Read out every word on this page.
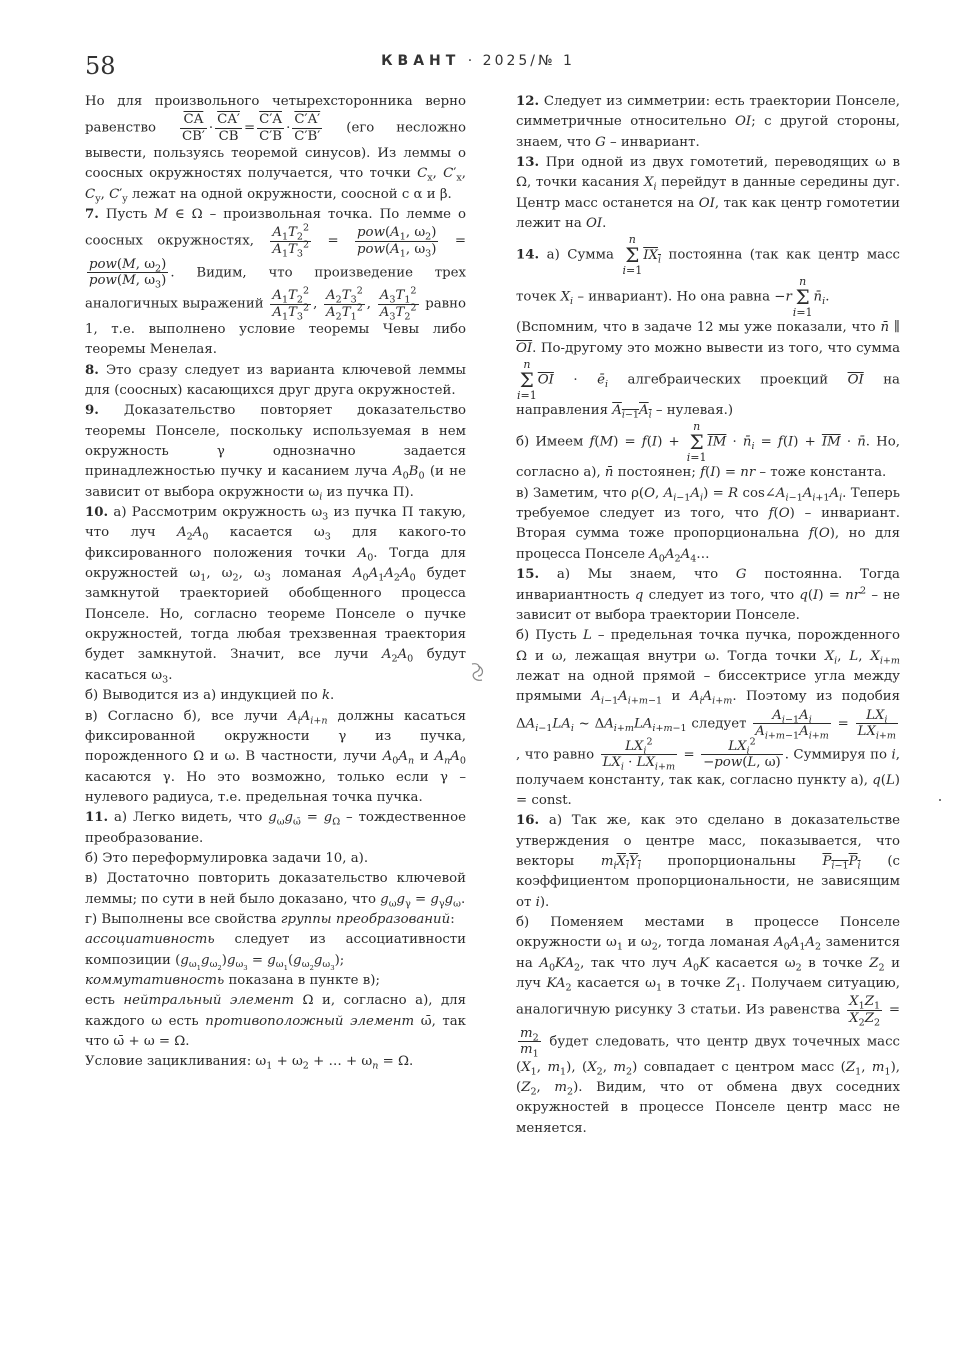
58	КВАНТ · 2025/№ 1

Но для произвольного четырехсторонника верно равенство $\frac{\overline{CA}}{CB'} \cdot \frac{CA'}{CB} = \frac{C'A}{C'B} \cdot \frac{C'A'}{C'B'} (его$ несложно вывести, пользуясь теоремой синусов). Из леммы о соосных окружностях получается, что точки $C_x$, $C'_x$, $C_y$, $C'_y$ лежат на одной окружности, соосной с α и β.

7. Пусть M ∈ Ω – произвольная точка. По лемме о соосных окружностях, $\frac{A_1T_2^2}{A_1T_3^2}$ =
$pow(A_1$, $\omega_2$)
$pow(A_1$, $\omega_3$)
=
pow(M, $\omega_2$)
pow(M, $\omega_3$)
. Видим, что произведение трех аналогичных выражений $\frac{A_1T_2^2}{A_1T_3^2}$ , $\frac{A_2T_3^2}{A_2T_1^2}$ , $\frac{A_3T_1^2}{A_3T_2^2}$ равно 1, т.е. выполнено условие теоремы Чевы либо теоремы Менелая.

8. Это сразу следует из варианта ключевой леммы для (соосных) касающихся друг друга окружностей.

9. Доказательство повторяет доказательство теоремы Понселе, поскольку используемая в нем окружность γ однозначно задается принадлежностью пучку и касанием луча $A_0B_0$ (и не зависит от выбора окружности $\omega_i$ из пучка Π).

10. а) Рассмотрим окружность $\omega_3$ из пучка Π такую, что луч $A_2A_0$ касается $\omega_3$ для какого-то фиксированного положения точки $A_0$. Тогда для окружностей $\omega_1$, $\omega_2$, $\omega_3$ ломаная $A_0A_1A_2A_0$ будет замкнутой траекторией обобщенного процесса Понселе. Но, согласно теореме Понселе о пучке окружностей, тогда любая трехзвенная траектория будет замкнутой. Значит, все лучи $A_2A_0$ будут касаться $\omega_3$.

б) Выводится из а) индукцией по k.

в) Согласно б), все лучи $A_iA_{i+n}$ должны касаться фиксированной окружности γ из пучка, порожденного Ω и ω. В частности, лучи $A_0A_n$ и $A_nA_0$ касаются γ. Но это возможно, только если γ – нулевого радиуса, т.е. предельная точка пучка.

11. а) Легко видеть, что $g_\omega g_{\omegā} = g_\Omega$ – тождественное преобразование.

б) Это переформулировка задачи 10, а).

в) Достаточно повторить доказательство ключевой леммы; по сути в ней было доказано, что $g_\omega g_\gamma = g_\gamma g_\omega$.

г) Выполнены все свойства группы преобразований:

ассоциативность следует из ассоциативности композиции $(g_{\omega_1}g_{\omega_2})g_{\omega_3} = g_{\omega_1}(g_{\omega_2}g_{\omega_3})$;

коммутативность показана в пункте в);

есть нейтральный элемент Ω и, согласно а), для каждого ω есть противоположный элемент ω̄, так что ω̄ + ω = Ω.

Условие зацикливания: $\omega_1 + \omega_2$ + … + $\omega_n = \Omega$.

12. Следует из симметрии: есть траектории Понселе, симметричные относительно OI; с другой стороны, знаем, что G – инвариант.

13. При одной из двух гомотетий, переводящих ω в Ω, точки касания $X_i$ перейдут в данные середины дуг. Центр масс останется на OI, так как центр гомотетии лежит на OI.

14. а) Сумма n
Σ
$i=1IX_i$ постоянна (так как центр масс точек $X_i$ – инвариант). Но она равна −rn
Σ
$i=1n̄_i$.

(Вспомним, что в задаче 12 мы уже показали, что n̄ ∥ $\overline{OI}$. По-другому это можно вывести из того, что сумма n
Σ
$i=1\overline{OI}$ · $ē_i$ алгебраических проекций $\overline{OI}$ на направления $A_{i-1}A_i$ – нулевая.)

б) Имеем f(M) = f(I) + n
Σ
$i=1\overline{IM}$ · $n̄_i = f(I) + \overline{IM}$ · n̄. Но, согласно а), n̄ постоянен; f(I) = nr – тоже константа.

в) Заметим, что ρ(O, $A_{i-1}A_i) = R$ $\cos\angle A_{i-1}A_{i+1}A_i$. Теперь требуемое следует из того, что f(O) – инвариант. Вторая сумма тоже пропорциональна f(O), но для процесса Понселе $A_0A_2A_4\dots$

15. а) Мы знаем, что G постоянна. Тогда инвариантность q следует из того, что $q(I) = nr^2$ – не зависит от выбора траектории Понселе.

б) Пусть L – предельная точка пучка, порожденного Ω и ω, лежащая внутри ω. Тогда точки $X_i$, L, $X_{i+m}$ лежат на одной прямой – биссектрисе угла между прямыми $A_{i-1}A_{i+m-1}$ и $A_iA_{i+m}$. Поэтому из подобия $\Delta A_{i-1}LA_i$ ~ $\Delta A_{i+m}LA_{i+m-1}$ следует $\frac{A_{i-1}A_i}{A_{i+m-1}A_{i+m}}$ =
$LX_i$
$LX_{i+m}$
, что равно
$LX_i^2$
$LX_i \cdot LX_{i+m}$
=
$LX_i^2$
−pow(L, ω)
. Суммируя по i, получаем константу, так как, согласно пункту а), q(L) = const.

16. а) Так же, как это сделано в доказательстве утверждения о центре масс, показывается, что векторы $m_iX_iY_i$ пропорциональны $P_{i-1}P_i$ (с коэффициентом пропорциональности, не зависящим от i).

б) Поменяем местами в процессе Понселе окружности $\omega_1$ и $\omega_2$, тогда ломаная $A_0A_1A_2$ заменится на $A_0KA_2$, так что луч $A_0K$ касается $\omega_2$ в точке $Z_2$ и луч $KA_2$ касается $\omega_1$ в точке $Z_1$. Получаем ситуацию, аналогичную рисунку 3 статьи. Из равенства $\frac{X_1Z_1}{X_2Z_2}$ =
$\frac{m_2}{m_1}$ будет следовать, что центр двух точечных масс ($X_1$, $m_1$), ($X_2$, $m_2$) совпадает с центром масс ($Z_1$, $m_1$), ($Z_2$, $m_2$). Видим, что от обмена двух соседних окружностей в процессе Понселе центр масс не меняется.
